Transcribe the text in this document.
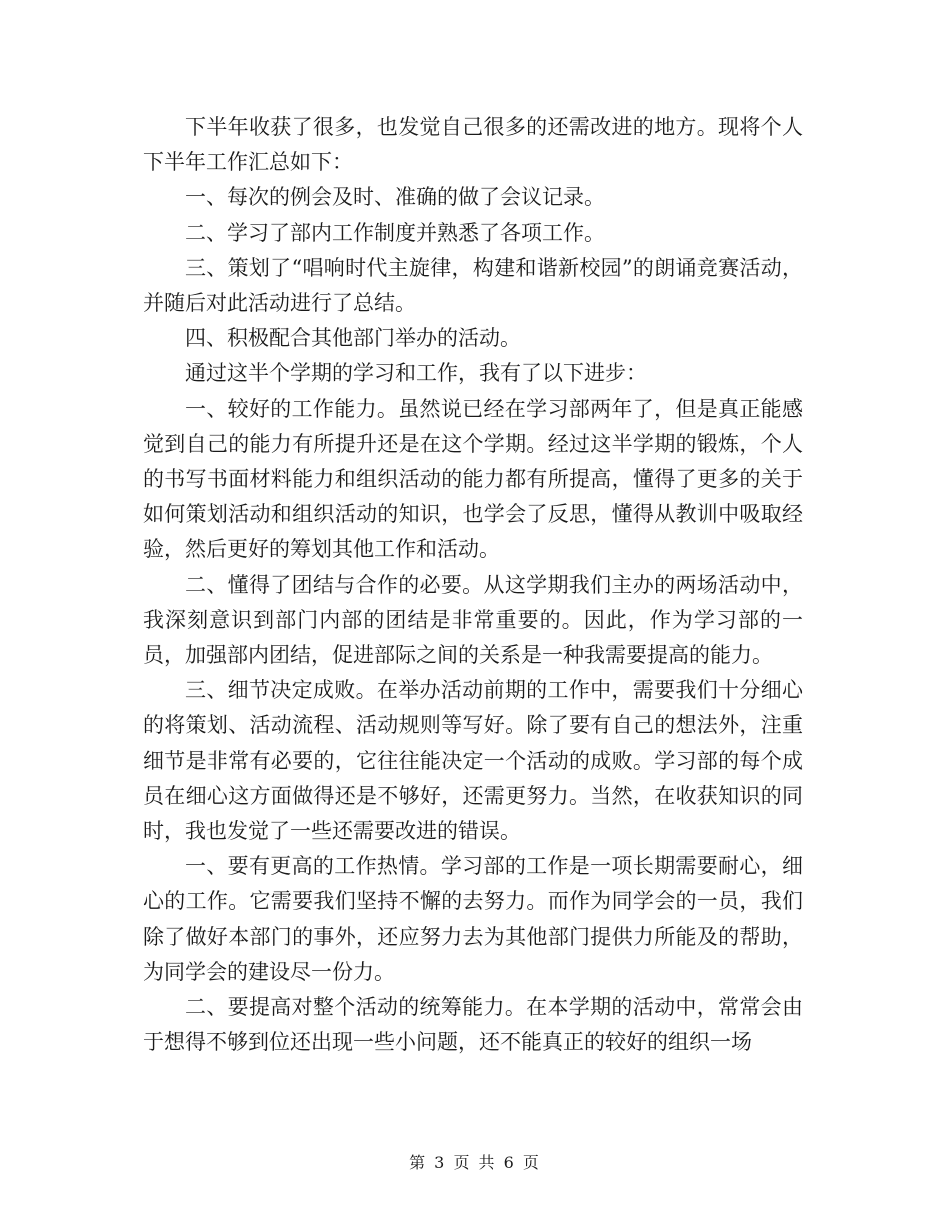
下半年收获了很多，也发觉自己很多的还需改进的地方。现将个人下半年工作汇总如下：

一、每次的例会及时、准确的做了会议记录。

二、学习了部内工作制度并熟悉了各项工作。

三、策划了“唱响时代主旋律，构建和谐新校园”的朗诵竞赛活动，并随后对此活动进行了总结。

四、积极配合其他部门举办的活动。

通过这半个学期的学习和工作，我有了以下进步：

一、较好的工作能力。虽然说已经在学习部两年了，但是真正能感觉到自己的能力有所提升还是在这个学期。经过这半学期的锻炼，个人的书写书面材料能力和组织活动的能力都有所提高，懂得了更多的关于如何策划活动和组织活动的知识，也学会了反思，懂得从教训中吸取经验，然后更好的筹划其他工作和活动。

二、懂得了团结与合作的必要。从这学期我们主办的两场活动中，我深刻意识到部门内部的团结是非常重要的。因此，作为学习部的一员，加强部内团结，促进部际之间的关系是一种我需要提高的能力。

三、细节决定成败。在举办活动前期的工作中，需要我们十分细心的将策划、活动流程、活动规则等写好。除了要有自己的想法外，注重细节是非常有必要的，它往往能决定一个活动的成败。学习部的每个成员在细心这方面做得还是不够好，还需更努力。当然，在收获知识的同时，我也发觉了一些还需要改进的错误。

一、要有更高的工作热情。学习部的工作是一项长期需要耐心，细心的工作。它需要我们坚持不懈的去努力。而作为同学会的一员，我们除了做好本部门的事外，还应努力去为其他部门提供力所能及的帮助，为同学会的建设尽一份力。

二、要提高对整个活动的统筹能力。在本学期的活动中，常常会由于想得不够到位还出现一些小问题，还不能真正的较好的组织一场

第 3 页 共 6 页
